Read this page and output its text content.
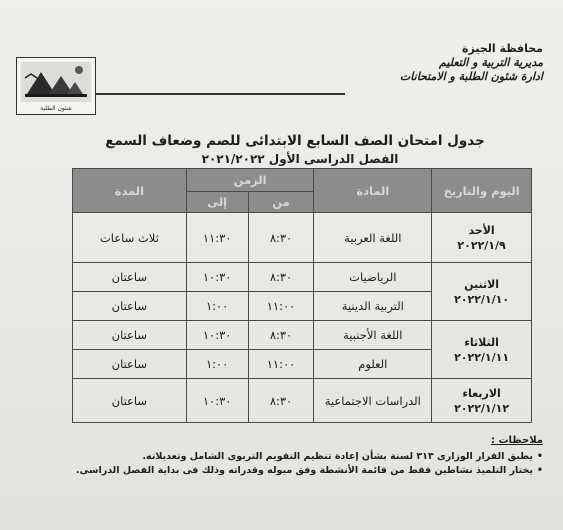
شئون الطلبة
محافظة الجيزة
مديرية التربية و التعليم
ادارة شئون الطلبة و الامتحانات
جدول امتحان الصف السابع الابتدائى للصم وضعاف السمع
الفصل الدراسى الأول ٢٠٢١/٢٠٢٢
اليوم والتاريخ	المادة	الزمن		المدة
		من	إلى	

الأحد
٢٠٢٢/١/٩	اللغة العربية	٨:٣٠	١١:٣٠	ثلاث ساعات

الاثنين
٢٠٢٢/١/١٠	الرياضيات	٨:٣٠	١٠:٣٠	ساعتان
	التربية الدينية	١١:٠٠	١:٠٠	ساعتان

الثلاثاء
٢٠٢٢/١/١١	اللغة الأجنبية	٨:٣٠	١٠:٣٠	ساعتان
	العلوم	١١:٠٠	١:٠٠	ساعتان

الاربعاء
٢٠٢٢/١/١٢	الدراسات الاجتماعية	٨:٣٠	١٠:٣٠	ساعتان
ملاحظات :
•يطبق القرار الوزارى ٣١٣ لسنة بشأن إعادة تنظيم التقويم التربوى الشامل وتعديلاته.
•يختار التلميذ نشاطين فقط من قائمة الأنشطة وفق ميوله وقدراته وذلك فى بداية الفصل الدراسى.
